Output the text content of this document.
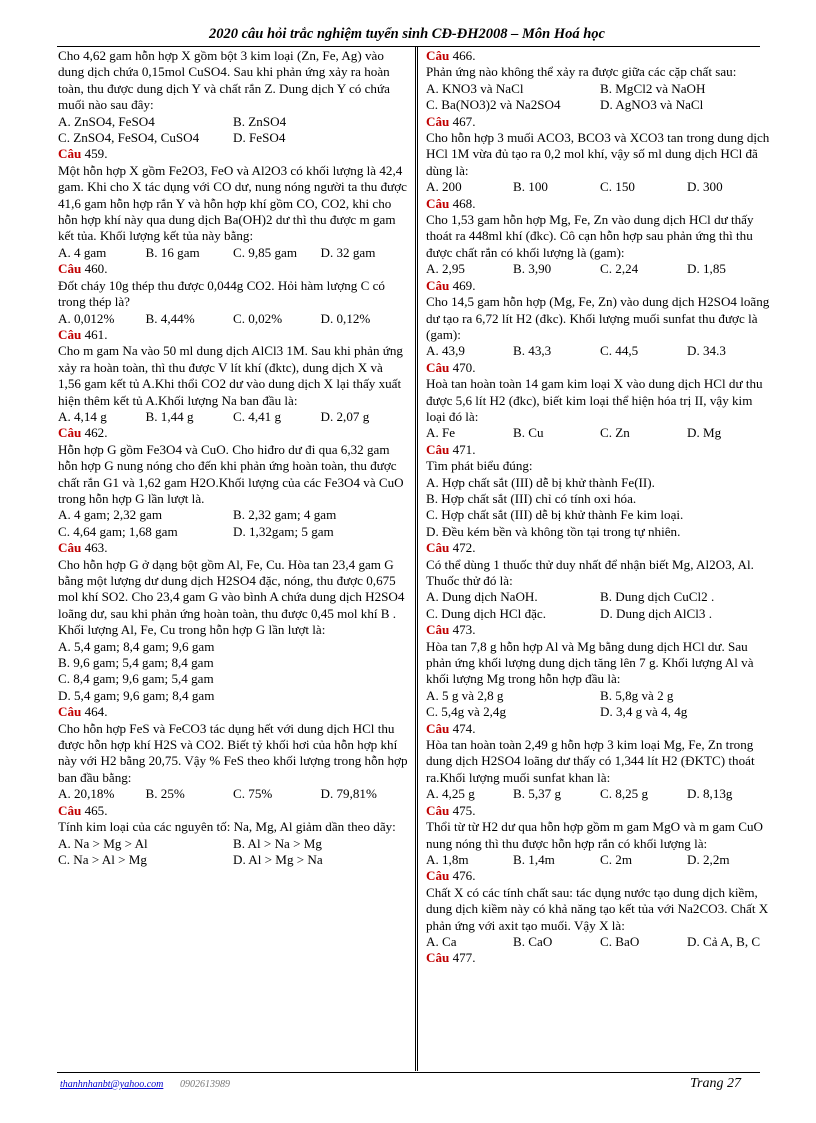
2020 câu hỏi trắc nghiệm tuyển sinh CĐ-ĐH2008 – Môn Hoá học
Cho 4,62 gam hỗn hợp X gồm bột 3 kim loại (Zn, Fe, Ag) vào dung dịch chứa 0,15mol CuSO4. Sau khi phản ứng xảy ra hoàn toàn, thu được dung dịch Y và chất rắn Z. Dung dịch Y có chứa muối nào sau đây:
A. ZnSO4, FeSO4	B. ZnSO4
C. ZnSO4, FeSO4, CuSO4	D. FeSO4
Câu 459.
Một hỗn hợp X gồm Fe2O3, FeO và Al2O3 có khối lượng là 42,4 gam. Khi cho X tác dụng với CO dư, nung nóng người ta thu được 41,6 gam hỗn hợp rắn Y và hỗn hợp khí gồm CO, CO2, khi cho hỗn hợp khí này qua dung dịch Ba(OH)2 dư thì thu được m gam kết tủa. Khối lượng kết tủa này bằng:
A. 4 gam	B. 16 gam	C. 9,85 gam	D. 32 gam
Câu 460.
Đốt cháy 10g thép thu được 0,044g CO2. Hỏi hàm lượng C có trong thép là?
A. 0,012%	B. 4,44%	C. 0,02%	D. 0,12%
Câu 461.
Cho m gam Na vào 50 ml dung dịch AlCl3 1M. Sau khi phản ứng xảy ra hoàn toàn, thì thu được V lít khí (đktc), dung dịch X và 1,56 gam kết tủ A.Khi thổi CO2 dư vào dung dịch X lại thấy xuất hiện thêm kết tủ A.Khối lượng Na ban đầu là:
A. 4,14 g	B. 1,44 g	C. 4,41 g	D. 2,07 g
Câu 462.
Hỗn hợp G gồm Fe3O4 và CuO. Cho hiđro dư đi qua 6,32 gam hỗn hợp G nung nóng cho đến khi phản ứng hoàn toàn, thu được chất rắn G1 và 1,62 gam H2O.Khối lượng của các Fe3O4 và CuO trong hỗn hợp G lần lượt là.
A. 4 gam; 2,32 gam	B. 2,32 gam; 4 gam
C. 4,64 gam; 1,68 gam	D. 1,32gam; 5 gam
Câu 463.
Cho hỗn hợp G ở dạng bột gồm Al, Fe, Cu. Hòa tan 23,4 gam G bằng một lượng dư dung dịch H2SO4 đặc, nóng, thu được 0,675 mol khí SO2. Cho 23,4 gam G vào bình A chứa dung dịch H2SO4 loãng dư, sau khi phản ứng hoàn toàn, thu được 0,45 mol khí B . Khối lượng Al, Fe, Cu trong hỗn hợp G lần lượt là:
A. 5,4 gam; 8,4 gam; 9,6 gam
B. 9,6 gam; 5,4 gam; 8,4 gam
C. 8,4 gam; 9,6 gam; 5,4 gam
D. 5,4 gam; 9,6 gam; 8,4 gam
Câu 464.
Cho hỗn hợp FeS và FeCO3 tác dụng hết với dung dịch HCl thu được hỗn hợp khí H2S và CO2. Biết tỷ khối hơi của hỗn hợp khí này với H2 bằng 20,75. Vậy % FeS theo khối lượng trong hỗn hợp ban đầu bằng:
A. 20,18%	B. 25%	C. 75%	D. 79,81%
Câu 465.
Tính kim loại của các nguyên tố: Na, Mg, Al giảm dần theo dãy:
A. Na > Mg > Al	B. Al > Na > Mg
C. Na > Al > Mg	D. Al > Mg > Na
Câu 466.
Phản ứng nào không thể xảy ra được giữa các cặp chất sau:
A. KNO3 và NaCl	B. MgCl2 và NaOH
C. Ba(NO3)2 và Na2SO4	D. AgNO3 và NaCl
Câu 467.
Cho hỗn hợp 3 muối ACO3, BCO3 và XCO3 tan trong dung dịch HCl 1M vừa đủ tạo ra 0,2 mol khí, vậy số ml dung dịch HCl đã dùng là:
A. 200	B. 100	C. 150	D. 300
Câu 468.
Cho 1,53 gam hỗn hợp Mg, Fe, Zn vào dung dịch HCl dư thấy thoát ra 448ml khí (đkc). Cô cạn hỗn hợp sau phản ứng thì thu được chất rắn có khối lượng là (gam):
A. 2,95	B. 3,90	C. 2,24	D. 1,85
Câu 469.
Cho 14,5 gam hỗn hợp (Mg, Fe, Zn) vào dung dịch H2SO4 loãng dư tạo ra 6,72 lít H2 (đkc). Khối lượng muối sunfat thu được là (gam):
A. 43,9	B. 43,3	C. 44,5	D. 34.3
Câu 470.
Hoà tan hoàn toàn 14 gam kim loại X vào dung dịch HCl dư thu được 5,6 lít H2 (đkc), biết kim loại thể hiện hóa trị II, vậy kim loại đó là:
A. Fe	B. Cu	C. Zn	D. Mg
Câu 471.
Tìm phát biểu đúng:
A. Hợp chất sắt (III) dễ bị khử thành Fe(II).
B. Hợp chất sắt (III) chỉ có tính oxi hóa.
C. Hợp chất sắt (III) dễ bị khử thành Fe kim loại.
D. Đều kém bền và không tồn tại trong tự nhiên.
Câu 472.
Có thể dùng 1 thuốc thử duy nhất để nhận biết Mg, Al2O3, Al. Thuốc thử đó là:
A. Dung dịch NaOH.	B. Dung dịch CuCl2 .
C. Dung dịch HCl đặc.	D. Dung dịch AlCl3 .
Câu 473.
Hòa tan 7,8 g hỗn hợp Al và Mg bằng dung dịch HCl dư. Sau phản ứng khối lượng dung dịch tăng lên 7 g. Khối lượng Al và khối lượng Mg trong hỗn hợp đầu là:
A. 5 g và 2,8 g	B. 5,8g và 2 g
C. 5,4g và 2,4g	D. 3,4 g và 4, 4g
Câu 474.
Hòa tan hoàn toàn 2,49 g hỗn hợp 3 kim loại Mg, Fe, Zn trong dung dịch H2SO4 loãng dư thấy có 1,344 lít H2 (ĐKTC) thoát ra.Khối lượng muối sunfat khan là:
A. 4,25 g	B. 5,37 g	C. 8,25 g	D. 8,13g
Câu 475.
Thổi từ từ H2 dư qua hỗn hợp gồm m gam MgO và m gam CuO nung nóng thì thu được hỗn hợp rắn có khối lượng là:
A. 1,8m	B. 1,4m	C. 2m	D. 2,2m
Câu 476.
Chất X có các tính chất sau: tác dụng nước tạo dung dịch kiềm, dung dịch kiềm này có khả năng tạo kết tủa với Na2CO3. Chất X phản ứng với axit tạo muối. Vậy X là:
A. Ca	B. CaO	C. BaO	D. Cả A, B, C
Câu 477.
thanhnhanbt@yahoo.com 0902613989	Trang 27
